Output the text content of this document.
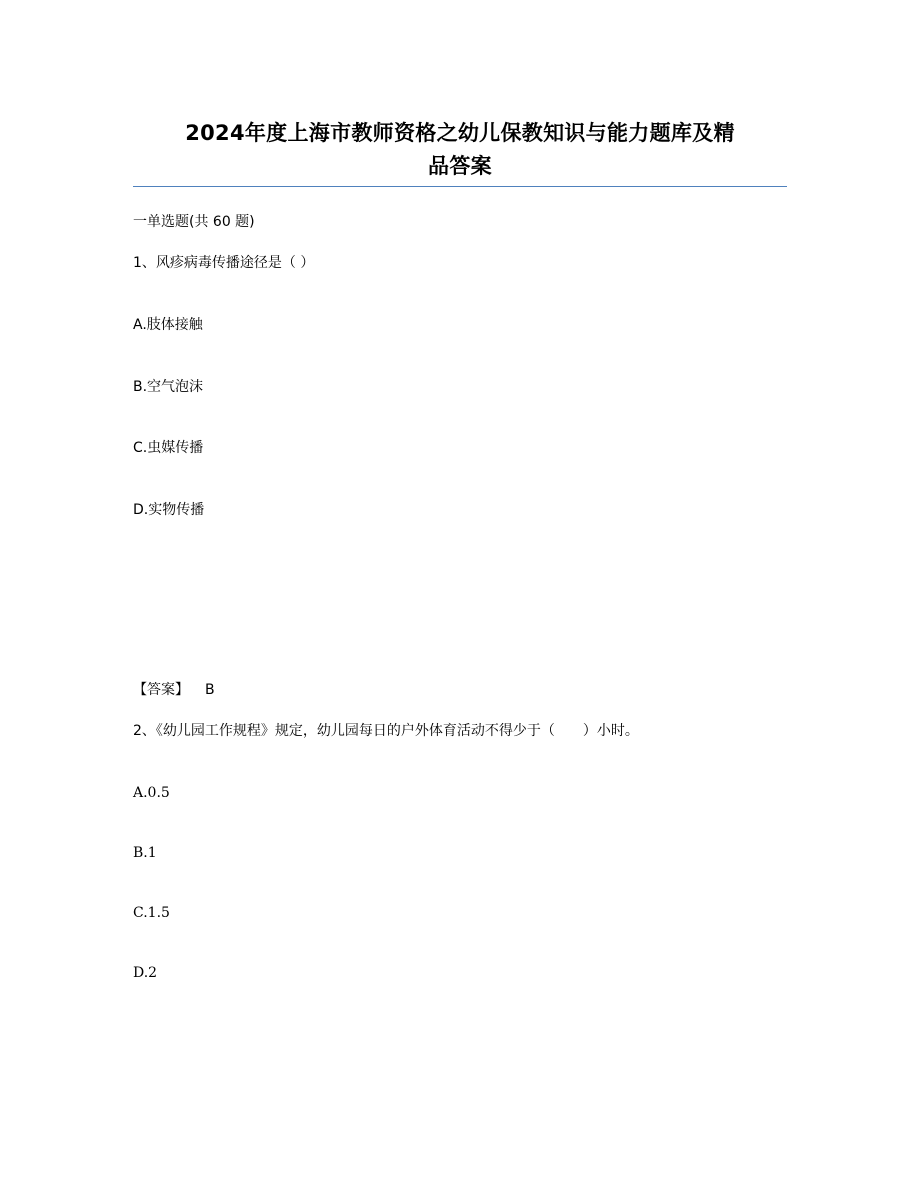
2024年度上海市教师资格之幼儿保教知识与能力题库及精
品答案
一单选题(共 60 题)
1、风疹病毒传播途径是（ ）
A.肢体接触
B.空气泡沫
C.虫媒传播
D.实物传播
【答案】 B
2、《幼儿园工作规程》规定，幼儿园每日的户外体育活动不得少于（　　）小时。
A.0.5
B.1
C.1.5
D.2
